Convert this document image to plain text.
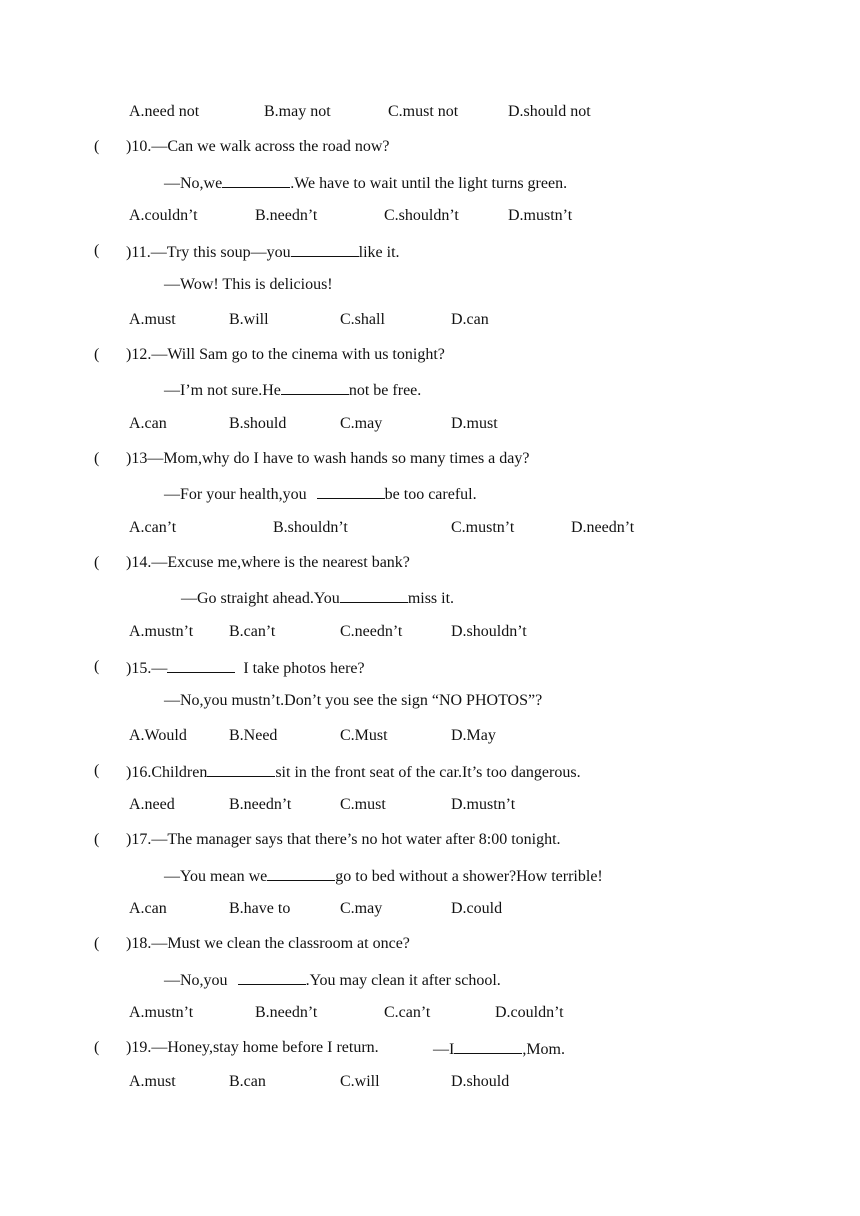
A.need not	B.may not	C.must not	D.should not
( )10.—Can we walk across the road now?
—No,we	.We have to wait until the light turns green.
A.couldn’t	B.needn’t	C.shouldn’t	D.mustn’t
( )11.—Try this soup—you	like it.
—Wow! This is delicious!
A.must	B.will	C.shall	D.can
( )12.—Will Sam go to the cinema with us tonight?
—I’m not sure.He	not be free.
A.can	B.should	C.may	D.must
( )13—Mom,why do I have to wash hands so many times a day?
—For your health,you	be too careful.
A.can’t	B.shouldn’t	C.mustn’t	D.needn’t
( )14.—Excuse me,where is the nearest bank?
—Go straight ahead.You	miss it.
A.mustn’t B.can’t	C.needn’t	D.shouldn’t
( )15.—	I take photos here?
—No,you mustn’t.Don’t you see the sign “NO PHOTOS”?
A.Would	B.Need	C.Must	D.May
( )16.Children	sit in the front seat of the car.It’s too dangerous.
A.need	B.needn’t	C.must	D.mustn’t
( )17.—The manager says that there’s no hot water after 8:00 tonight.
—You mean we	go to bed without a shower?How terrible!
A.can	B.have to	C.may	D.could
( )18.—Must we clean the classroom at once?
—No,you	.You may clean it after school.
A.mustn’t	B.needn’t	C.can’t	D.couldn’t
( )19.—Honey,stay home before I return.	—I	,Mom.
A.must	B.can	C.will	D.should
